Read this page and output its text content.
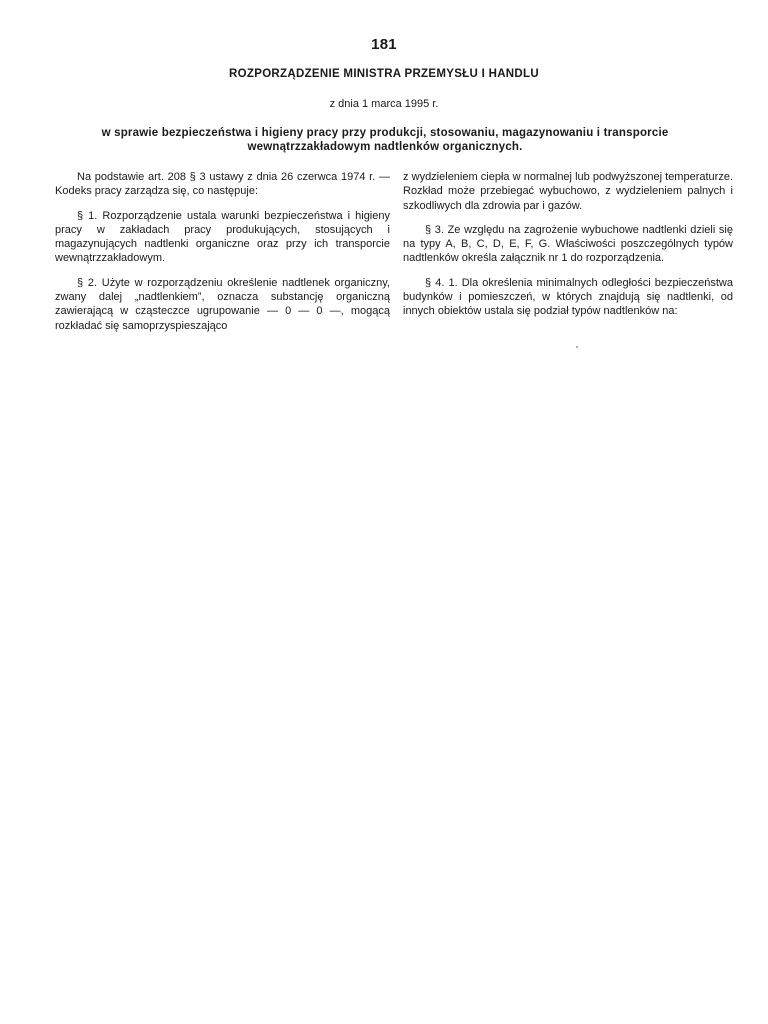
181
ROZPORZĄDZENIE MINISTRA PRZEMYSŁU I HANDLU
z dnia 1 marca 1995 r.
w sprawie bezpieczeństwa i higieny pracy przy produkcji, stosowaniu, magazynowaniu i transporcie wewnątrzzakładowym nadtlenków organicznych.

Na podstawie art. 208 § 3 ustawy z dnia 26 czerwca 1974 r. — Kodeks pracy zarządza się, co następuje:

§ 1. Rozporządzenie ustala warunki bezpieczeństwa i higieny pracy w zakładach pracy produkujących, stosujących i magazynujących nadtlenki organiczne oraz przy ich transporcie wewnątrzzakładowym.

§ 2. Użyte w rozporządzeniu określenie nadtlenek organiczny, zwany dalej „nadtlenkiem”, oznacza substancję organiczną zawierającą w cząsteczce ugrupowanie — 0 — 0 —, mogącą rozkładać się samoprzyspieszająco

z wydzieleniem ciepła w normalnej lub podwyższonej temperaturze. Rozkład może przebiegać wybuchowo, z wydzieleniem palnych i szkodliwych dla zdrowia par i gazów.

§ 3. Ze względu na zagrożenie wybuchowe nadtlenki dzieli się na typy A, B, C, D, E, F, G. Właściwości poszczególnych typów nadtlenków określa załącznik nr 1 do rozporządzenia.

§ 4. 1. Dla określenia minimalnych odległości bezpieczeństwa budynków i pomieszczeń, w których znajdują się nadtlenki, od innych obiektów ustala się podział typów nadtlenków na:
